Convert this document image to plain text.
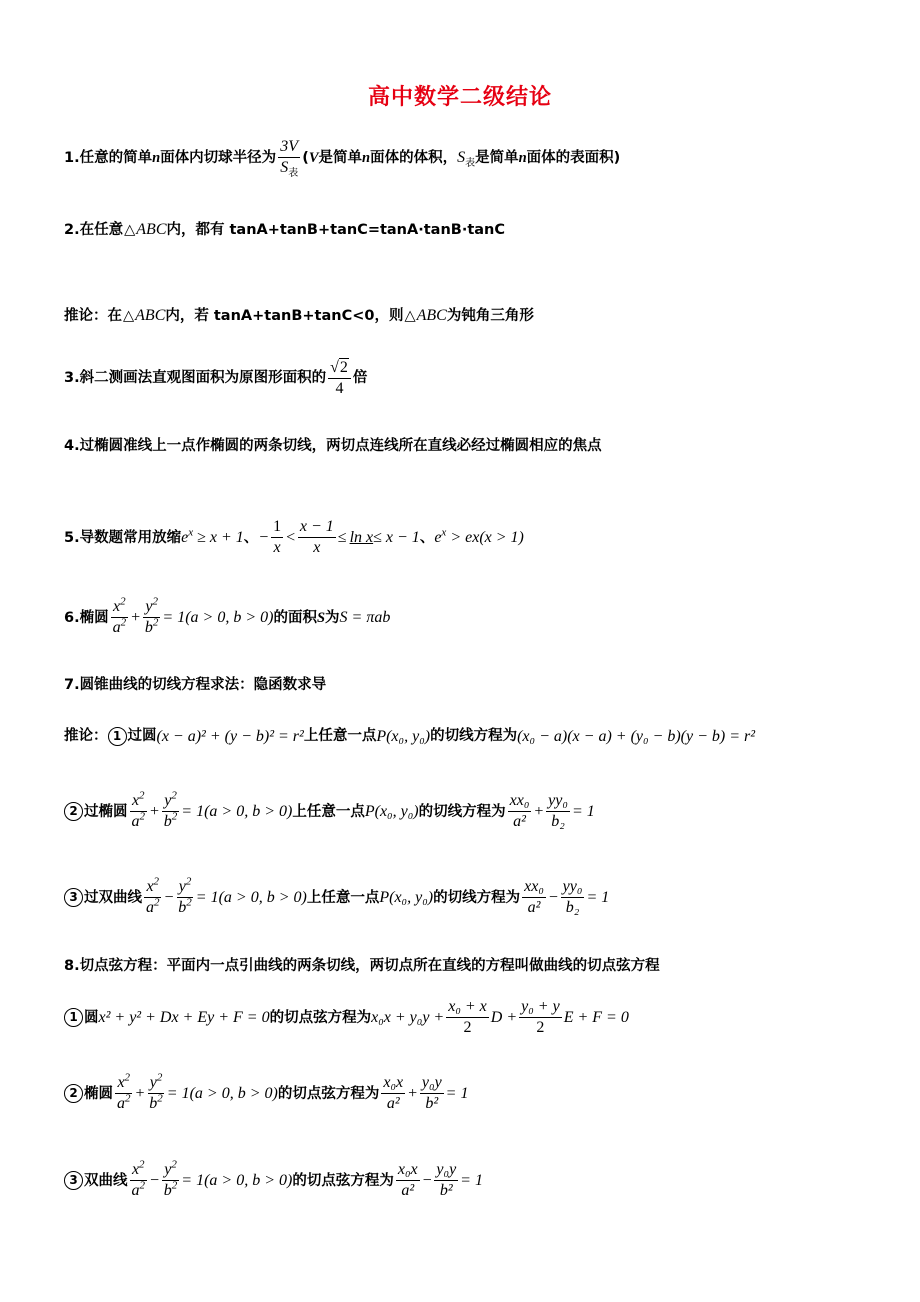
高中数学二级结论
1.任意的简单 n 面体内切球半径为 $\frac{3V}{S_表}$ ( V 是简单 n 面体的体积， $S_表$ 是简单 n 面体的表面积)
2.在任意 △ ABC 内，都有 tanA+tanB+tanC=tanA·tanB·tanC
推论：在 △ ABC 内，若 tanA+tanB+tanC<0 ，则 △ ABC 为钝角三角形
3.斜二测画法直观图面积为原图形面积的 $\frac{√ 2}{4}$ 倍
4.过椭圆准线上一点作椭圆的两条切线，两切点连线所在直线必经过椭圆相应的焦点
5.导数题常用放缩 $e^x \ge x + 1$ 、 − $\frac{1}{x} < \frac{x - 1}{x} \le \ln x \le x - 1$ 、 $e^x > ex(x > 1)$
6.椭圆 $\frac{x^2}{a^2} + \frac{y^2}{b^2} = 1(a > 0$, b > 0) 的面积 S 为 S = πab
7.圆锥曲线的切线方程求法：隐函数求导
推论： 1 过圆 (x − a)² + (y − b)² = r² 上任意一点 P(x₀, y₀) 的切线方程为 (x₀ − a)(x − a) + (y₀ − b)(y − b) = r²
2 过椭圆 $\frac{x^2}{a^2} + \frac{y^2}{b^2} = 1(a > 0$, b > 0) 上任意一点 P(x₀, y₀) 的切线方程为 $\frac{\text{xx₀}}{\text{a²}} + \frac{\text{yy₀}}{\text{b₂}} = 1$
3 过双曲线 $\frac{x^2}{a^2} - \frac{y^2}{b^2} = 1(a > 0$, b > 0) 上任意一点 P(x₀, y₀) 的切线方程为 $\frac{\text{xx₀}}{\text{a²}} - \frac{\text{yy₀}}{\text{b₂}} = 1$
8.切点弦方程：平面内一点引曲线的两条切线，两切点所在直线的方程叫做曲线的切点弦方程
1 圆 x² + y² + Dx + Ey + F = 0 的切点弦方程为 $x_0x + y_0y + \frac{\text{x₀ + x}}{2}$ $D + \frac{\text{y₀ + y}}{2}$ E + F = 0
2 椭圆 $\frac{x^2}{a^2} + \frac{y^2}{b^2} = 1(a > 0$, b > 0) 的切点弦方程为 $\frac{\text{x₀x}}{\text{a²}} + \frac{\text{y₀y}}{\text{b²}} = 1$
3 双曲线 $\frac{x^2}{a^2} - \frac{y^2}{b^2} = 1(a > 0$, b > 0) 的切点弦方程为 $\frac{\text{x₀x}}{\text{a²}} - \frac{\text{y₀y}}{\text{b²}} = 1$
